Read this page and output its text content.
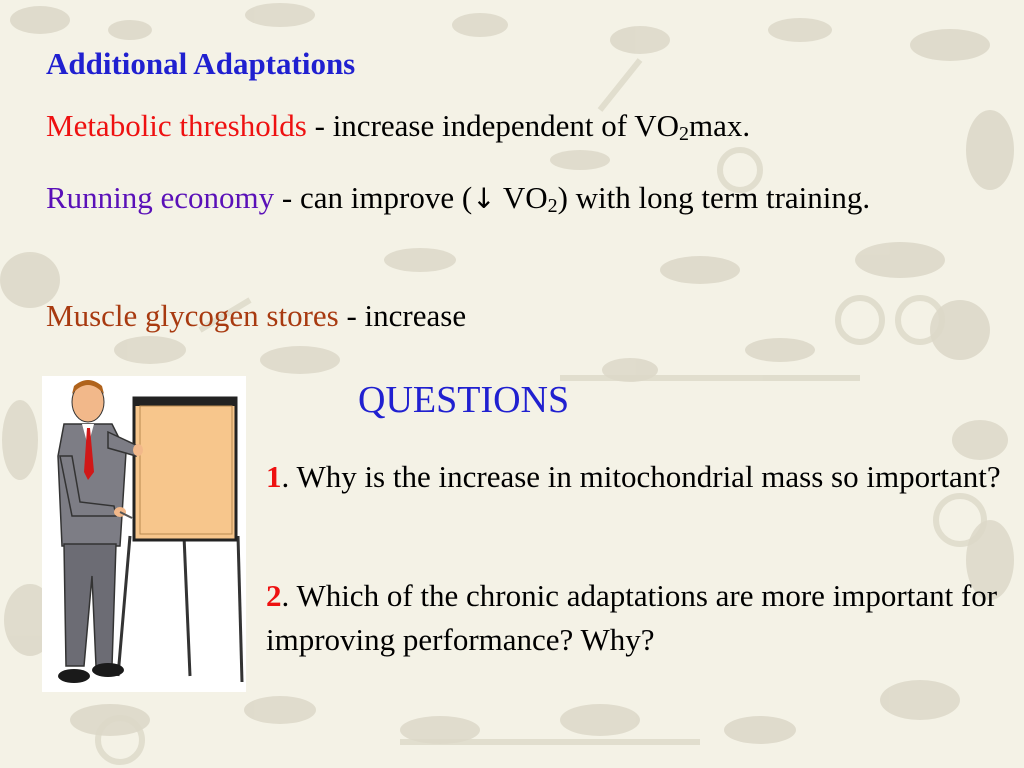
Additional Adaptations
Metabolic thresholds - increase independent of $VO_2\max$.
Running economy - can improve (↓ $VO_2$) with long term training.
Muscle glycogen stores - increase
QUESTIONS
1. Why is the increase in mitochondrial mass so important?
2. Which of the chronic adaptations are more important for improving performance? Why?
